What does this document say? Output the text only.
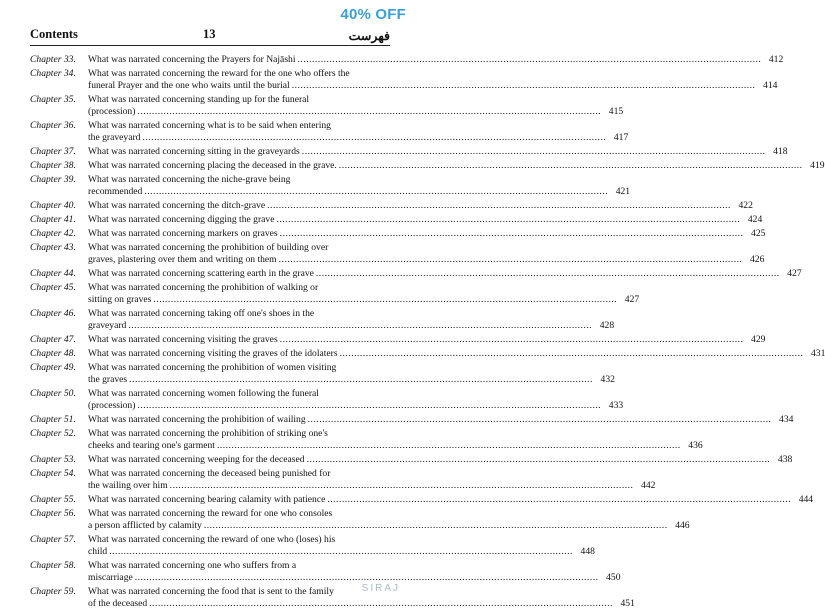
40% OFF
Contents	13	فهرست
Chapter 33.	What was narrated concerning the Prayers for Najāshi .....	412
Chapter 34.	What was narrated concerning the reward for the one who offers the
funeral Prayer and the one who waits until the burial .....	414
Chapter 35.	What was narrated concerning standing up for the funeral
(procession) .....	415
Chapter 36.	What was narrated concerning what is to be said when entering
the graveyard .....	417
Chapter 37.	What was narrated concerning sitting in the graveyards .....	418
Chapter 38.	What was narrated concerning placing the deceased in the grave. .....	419
Chapter 39.	What was narrated concerning the niche-grave being
recommended .....	421
Chapter 40.	What was narrated concerning the ditch-grave .....	422
Chapter 41.	What was narrated concerning digging the grave .....	424
Chapter 42.	What was narrated concerning markers on graves .....	425
Chapter 43.	What was narrated concerning the prohibition of building over
graves, plastering over them and writing on them .....	426
Chapter 44.	What was narrated concerning scattering earth in the grave .....	427
Chapter 45.	What was narrated concerning the prohibition of walking or
sitting on graves .....	427
Chapter 46.	What was narrated concerning taking off one's shoes in the
graveyard .....	428
Chapter 47.	What was narrated concerning visiting the graves .....	429
Chapter 48.	What was narrated concerning visiting the graves of the idolaters .....	431
Chapter 49.	What was narrated concerning the prohibition of women visiting
the graves .....	432
Chapter 50.	What was narrated concerning women following the funeral
(procession) .....	433
Chapter 51.	What was narrated concerning the prohibition of wailing .....	434
Chapter 52.	What was narrated concerning the prohibition of striking one's
cheeks and tearing one's garment .....	436
Chapter 53.	What was narrated concerning weeping for the deceased .....	438
Chapter 54.	What was narrated concerning the deceased being punished for
the wailing over him .....	442
Chapter 55.	What was narrated concerning bearing calamity with patience .....	444
Chapter 56.	What was narrated concerning the reward for one who consoles
a person afflicted by calamity .....	446
Chapter 57.	What was narrated concerning the reward of one who (loses) his
child .....	448
Chapter 58.	What was narrated concerning one who suffers from a
miscarriage .....	450
Chapter 59.	What was narrated concerning the food that is sent to the family
of the deceased .....	451
SIRAJ
